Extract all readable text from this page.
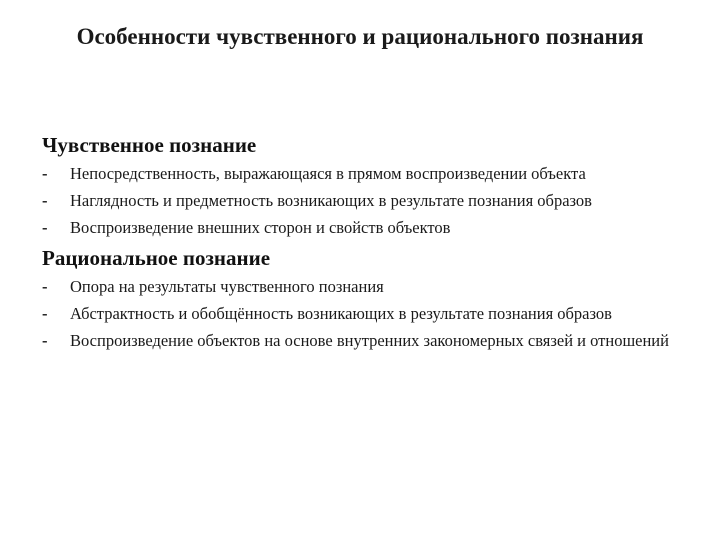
Особенности чувственного и рационального познания
Чувственное познание
-	Непосредственность, выражающаяся в прямом воспроизведении объекта
-	Наглядность и предметность возникающих в результате познания образов
-	Воспроизведение внешних сторон и свойств объектов
Рациональное познание
-	Опора на результаты чувственного познания
-	Абстрактность и обобщённость возникающих в результате познания образов
-	Воспроизведение объектов на основе внутренних закономерных связей и отношений
